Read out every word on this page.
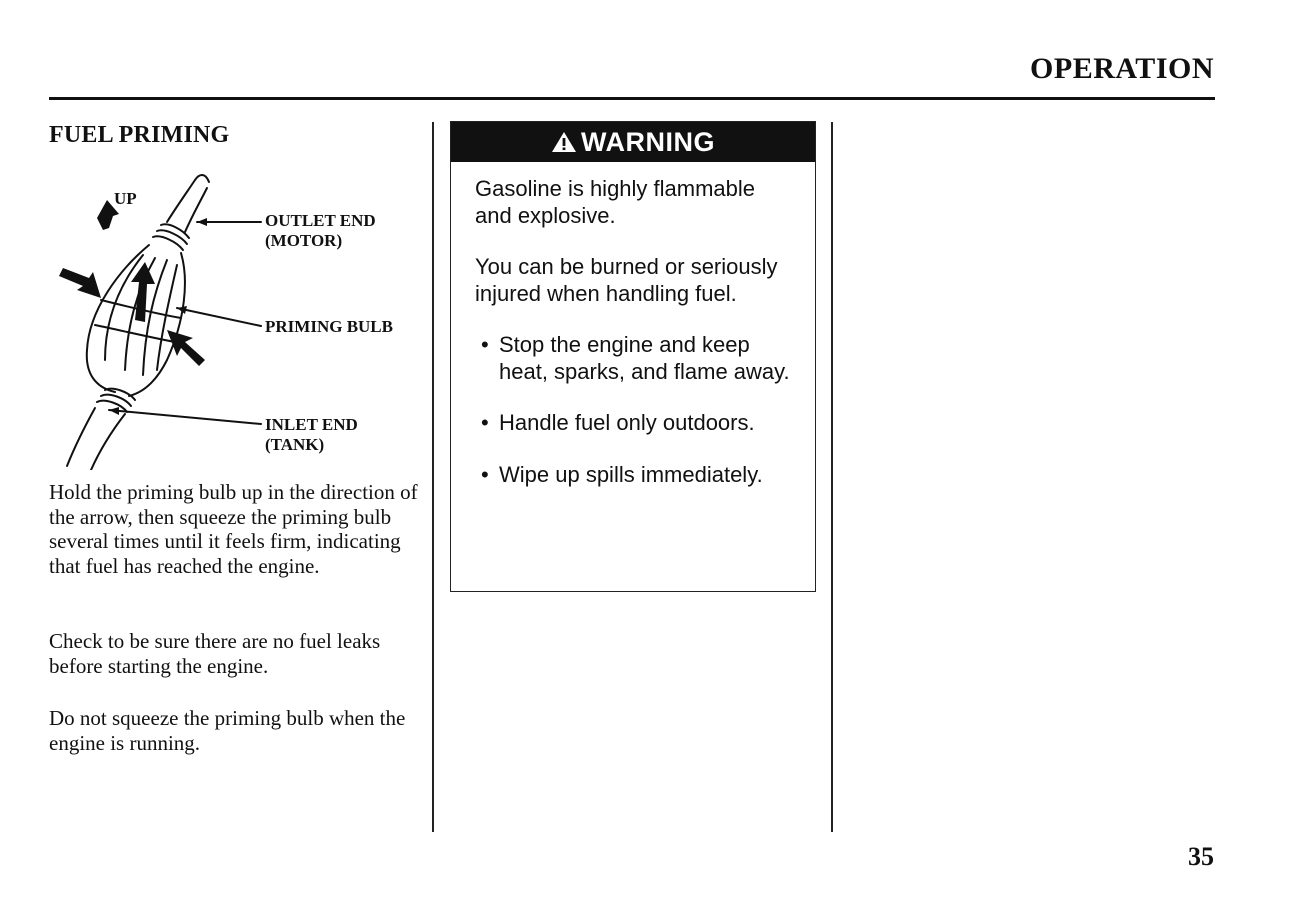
OPERATION
FUEL PRIMING
UP
OUTLET END
(MOTOR)
PRIMING BULB
INLET END
(TANK)

Hold the priming bulb up in the direction of the arrow, then squeeze the priming bulb several times until it feels firm, indicating that fuel has reached the engine.

Check to be sure there are no fuel leaks before starting the engine.

Do not squeeze the priming bulb when the engine is running.

WARNING

Gasoline is highly flammable and explosive.

You can be burned or seriously injured when handling fuel.

• Stop the engine and keep heat, sparks, and flame away.
• Handle fuel only outdoors.
• Wipe up spills immediately.
35
